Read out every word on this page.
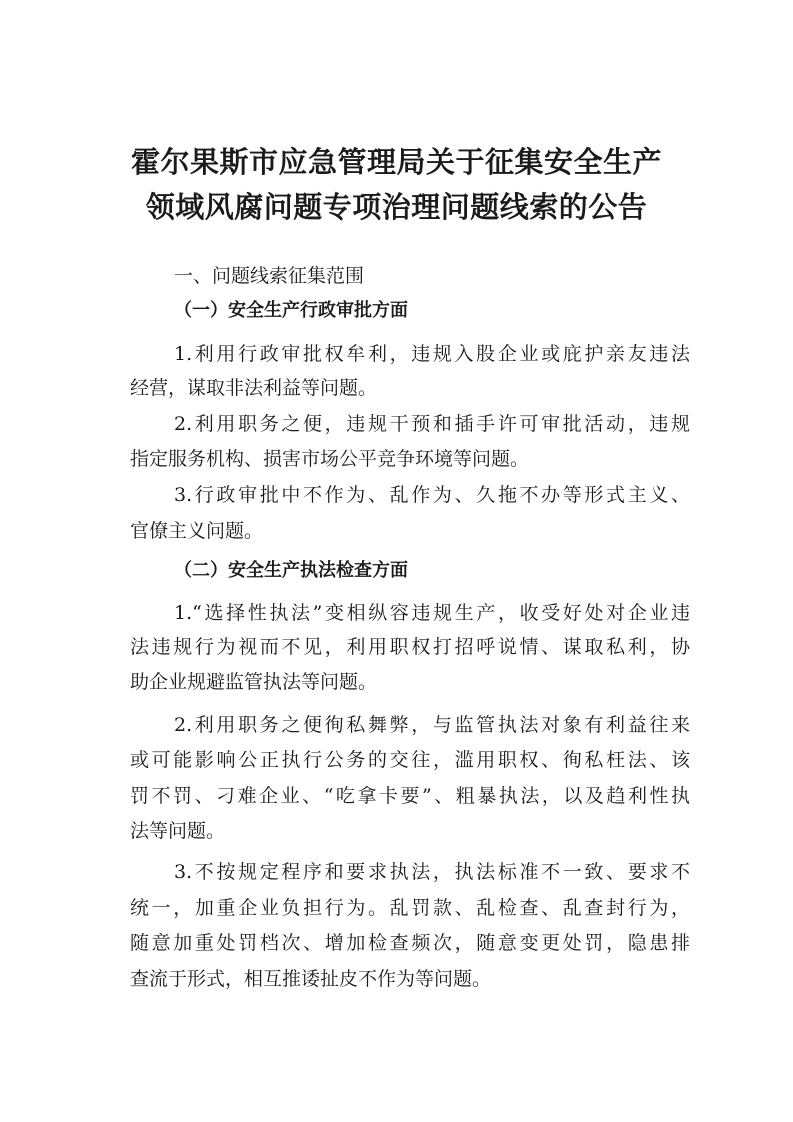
霍尔果斯市应急管理局关于征集安全生产
领域风腐问题专项治理问题线索的公告
一、问题线索征集范围
（一）安全生产行政审批方面
1.利用行政审批权牟利，违规入股企业或庇护亲友违法
经营，谋取非法利益等问题。
2.利用职务之便，违规干预和插手许可审批活动，违规
指定服务机构、损害市场公平竞争环境等问题。
3.行政审批中不作为、乱作为、久拖不办等形式主义、
官僚主义问题。
（二）安全生产执法检查方面
1.“选择性执法”变相纵容违规生产，收受好处对企业违
法违规行为视而不见，利用职权打招呼说情、谋取私利，协
助企业规避监管执法等问题。
2.利用职务之便徇私舞弊，与监管执法对象有利益往来
或可能影响公正执行公务的交往，滥用职权、徇私枉法、该
罚不罚、刁难企业、“吃拿卡要”、粗暴执法，以及趋利性执
法等问题。
3.不按规定程序和要求执法，执法标准不一致、要求不
统一，加重企业负担行为。乱罚款、乱检查、乱查封行为，
随意加重处罚档次、增加检查频次，随意变更处罚，隐患排
查流于形式，相互推诿扯皮不作为等问题。
